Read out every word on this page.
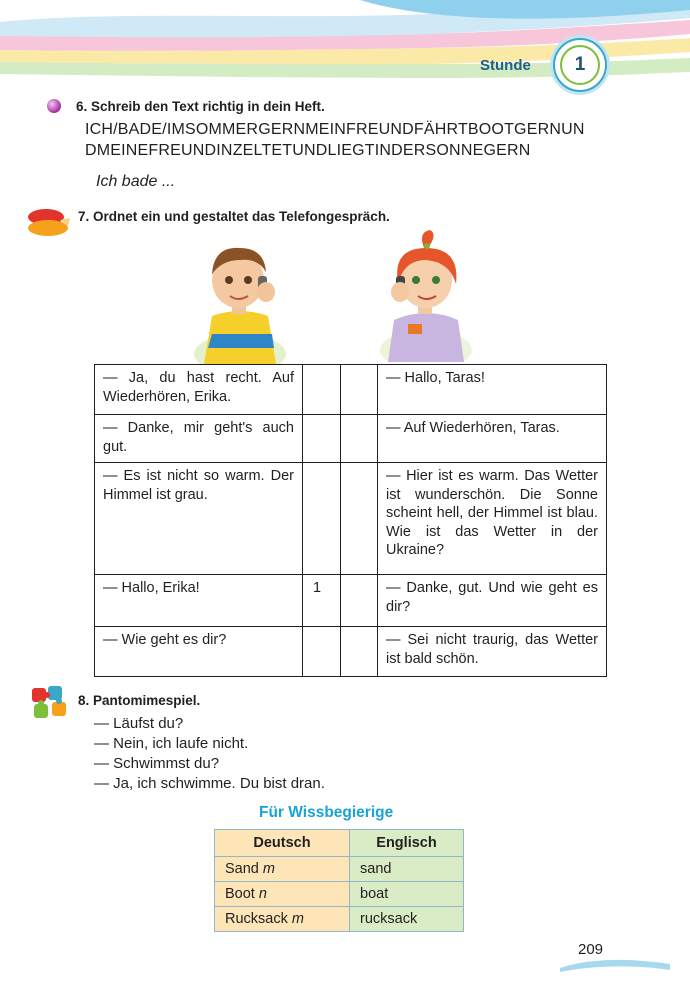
Stunde	1
6. Schreib den Text richtig in dein Heft.
ICH/BADE/IMSOMMERGERNMEINFREUNDFÄHRTBOOTGERNUN
DMEINEFREUNDINZELTETUNDLIEGTINDERSONNEGERN
Ich bade ...
7. Ordnet ein und gestaltet das Telefongespräch.
— Ja, du hast recht. Auf Wiederhören, Erika.			— Hallo, Taras!
— Danke, mir geht's auch gut.			— Auf Wiederhören, Taras.
— Es ist nicht so warm. Der Himmel ist grau.			— Hier ist es warm. Das Wetter ist wunderschön. Die Sonne scheint hell, der Himmel ist blau. Wie ist das Wetter in der Ukraine?
— Hallo, Erika!	1		— Danke, gut. Und wie geht es dir?
— Wie geht es dir?			— Sei nicht traurig, das Wetter ist bald schön.
8. Pantomimespiel.
— Läufst du?
— Nein, ich laufe nicht.
— Schwimmst du?
— Ja, ich schwimme. Du bist dran.
Für Wissbegierige
Deutsch	Englisch
Sand m	sand
Boot n	boat
Rucksack m	rucksack
209
